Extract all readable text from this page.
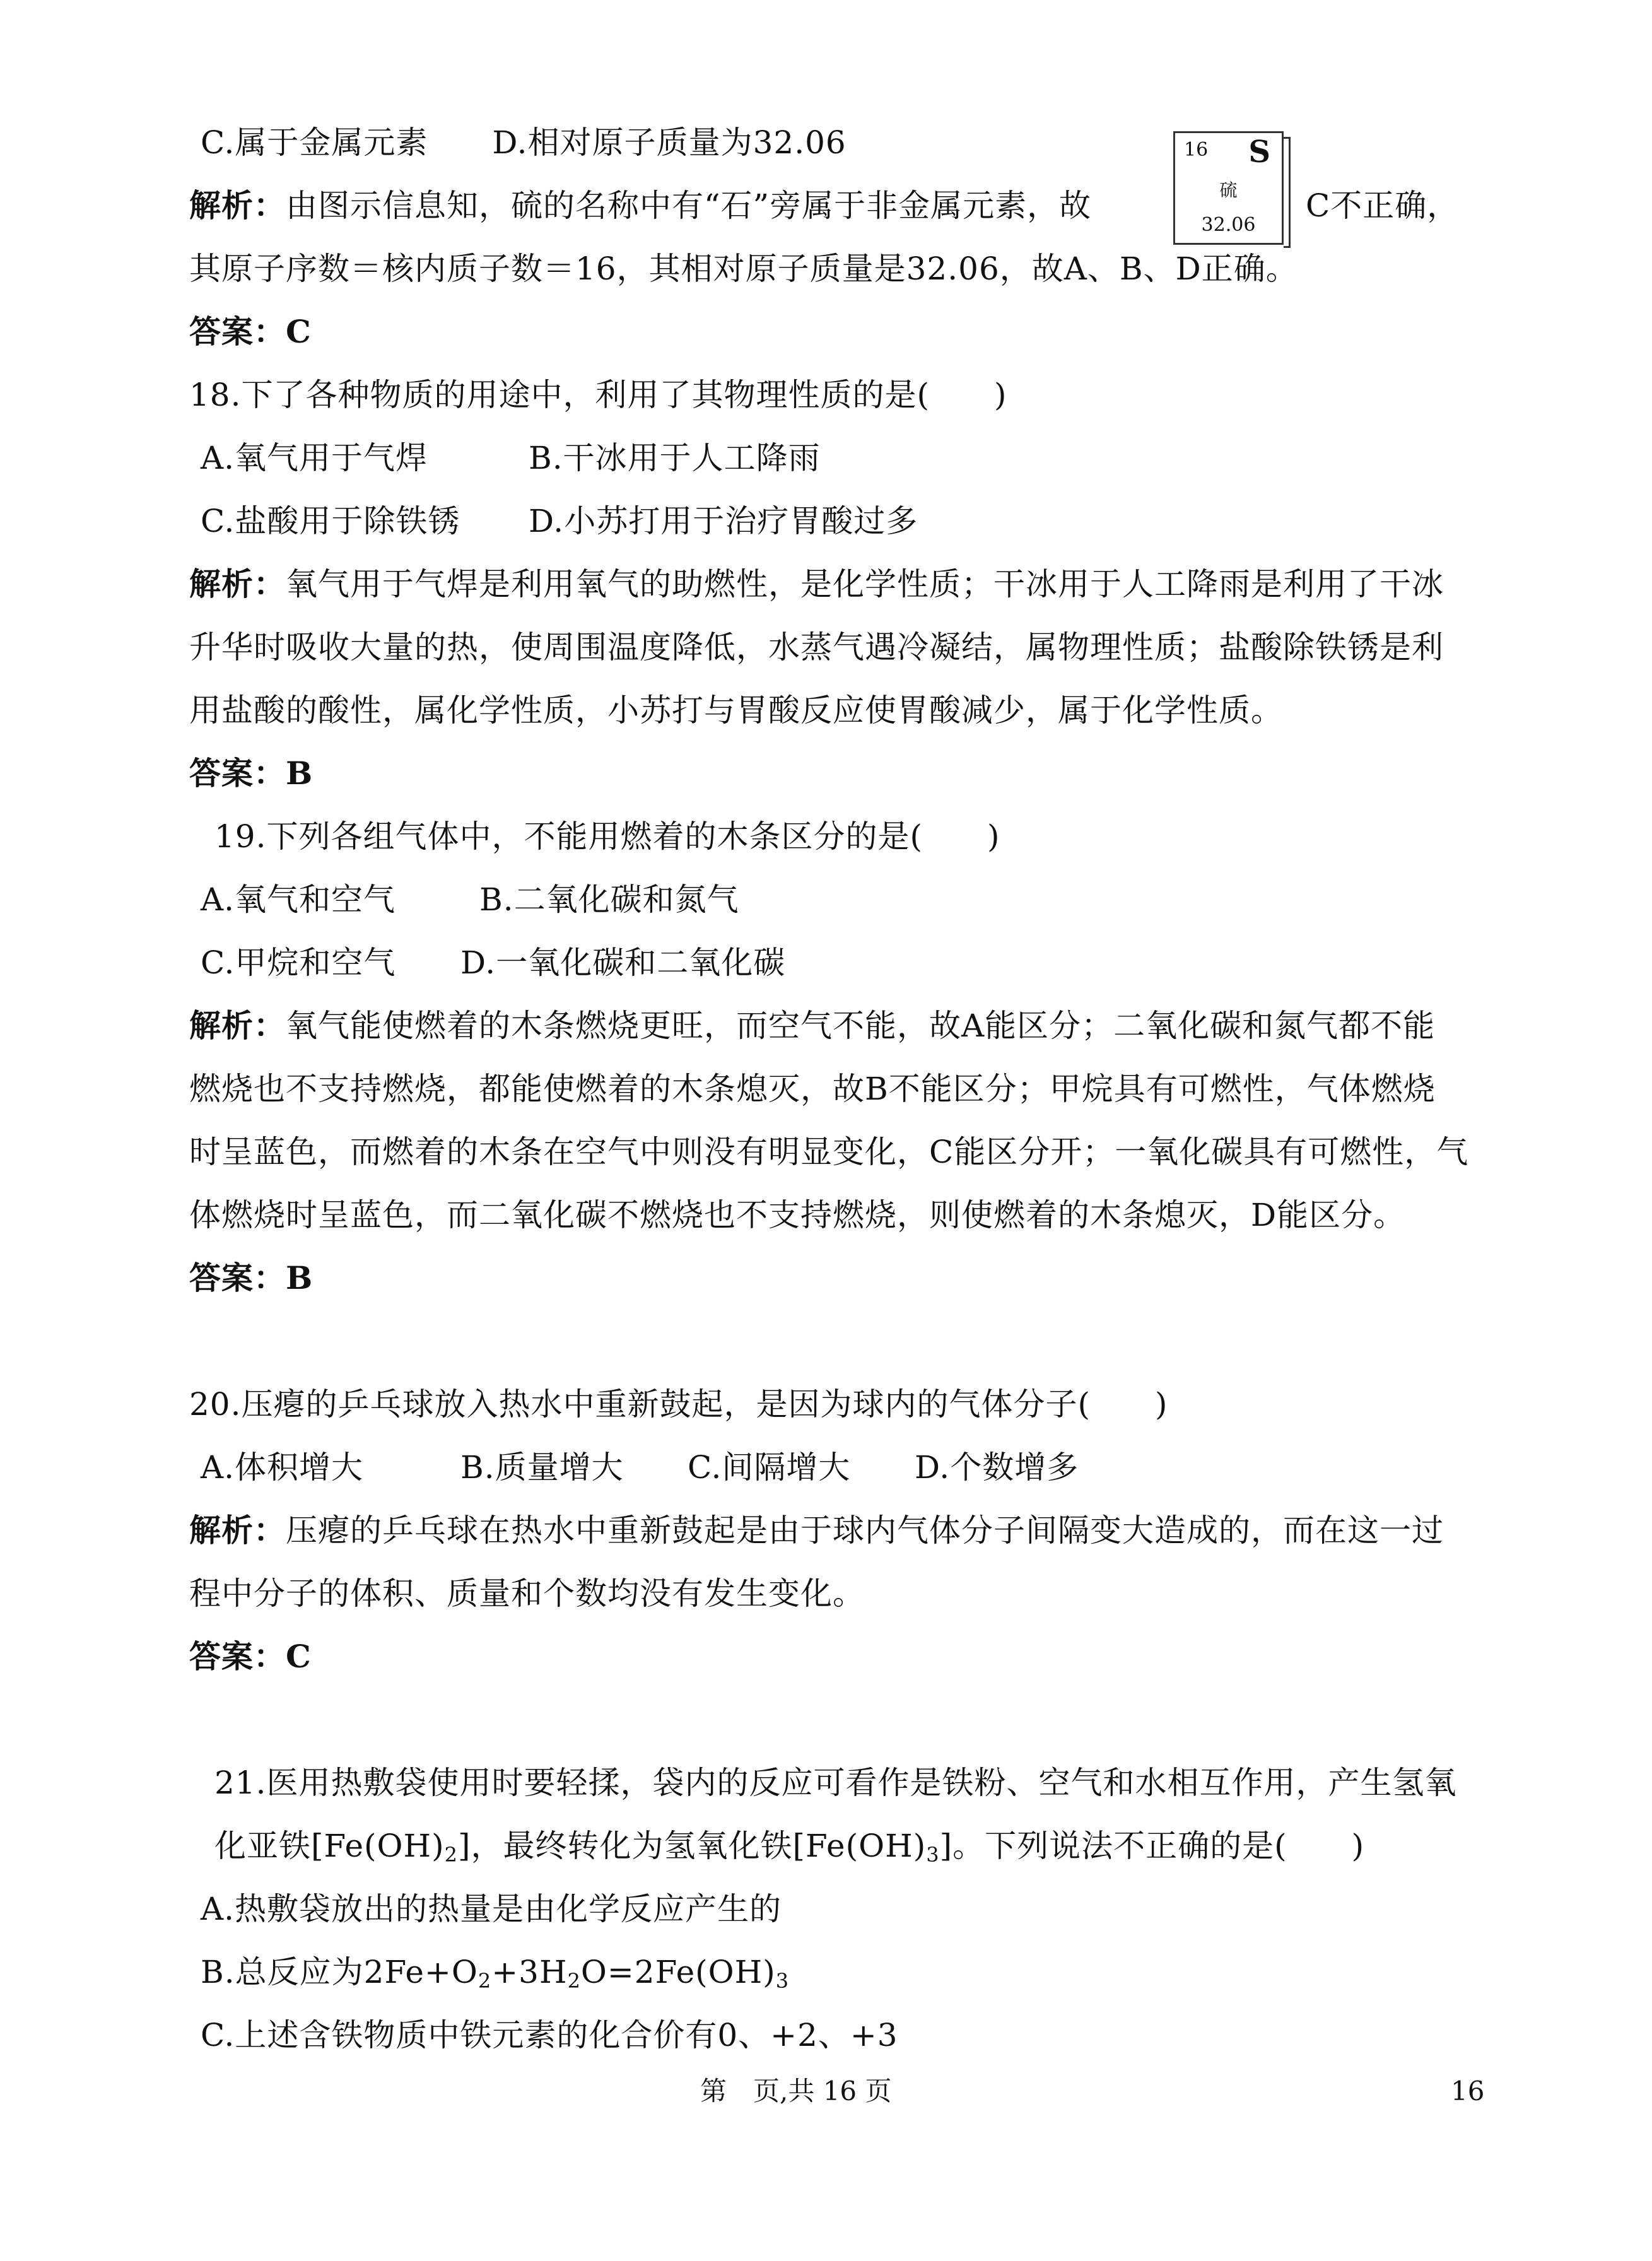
C.属于金属元素　　D.相对原子质量为32.06
解析：由图示信息知，硫的名称中有“石”旁属于非金属元素，故	C不正确，
16 S
硫
32.06
其原子序数＝核内质子数＝16，其相对原子质量是32.06，故A、B、D正确。
答案：C
18.下了各种物质的用途中，利用了其物理性质的是(　　)
A.氧气用于气焊	B.干冰用于人工降雨
C.盐酸用于除铁锈 D.小苏打用于治疗胃酸过多
解析：氧气用于气焊是利用氧气的助燃性，是化学性质；干冰用于人工降雨是利用了干冰
升华时吸收大量的热，使周围温度降低，水蒸气遇冷凝结，属物理性质；盐酸除铁锈是利
用盐酸的酸性，属化学性质，小苏打与胃酸反应使胃酸减少，属于化学性质。
答案：B
19.下列各组气体中，不能用燃着的木条区分的是(　　)
A.氧气和空气	B.二氧化碳和氮气
C.甲烷和空气 D.一氧化碳和二氧化碳
解析：氧气能使燃着的木条燃烧更旺，而空气不能，故A能区分；二氧化碳和氮气都不能
燃烧也不支持燃烧，都能使燃着的木条熄灭，故B不能区分；甲烷具有可燃性，气体燃烧
时呈蓝色，而燃着的木条在空气中则没有明显变化，C能区分开；一氧化碳具有可燃性，气
体燃烧时呈蓝色，而二氧化碳不燃烧也不支持燃烧，则使燃着的木条熄灭，D能区分。
答案：B
20.压瘪的乒乓球放入热水中重新鼓起，是因为球内的气体分子(　　)
A.体积增大	B.质量增大 C.间隔增大 D.个数增多
解析：压瘪的乒乓球在热水中重新鼓起是由于球内气体分子间隔变大造成的，而在这一过
程中分子的体积、质量和个数均没有发生变化。
答案：C
21.医用热敷袋使用时要轻揉，袋内的反应可看作是铁粉、空气和水相互作用，产生氢氧
化亚铁$[Fe(OH)_2]$，最终转化为氢氧化铁$[Fe(OH)_3]$。下列说法不正确的是(　　)
A.热敷袋放出的热量是由化学反应产生的
B.总反应为$2Fe+O_2+3H_2O=2Fe(OH)_3$
C.上述含铁物质中铁元素的化合价有0、+2、+3
第　页,共 16 页	16
